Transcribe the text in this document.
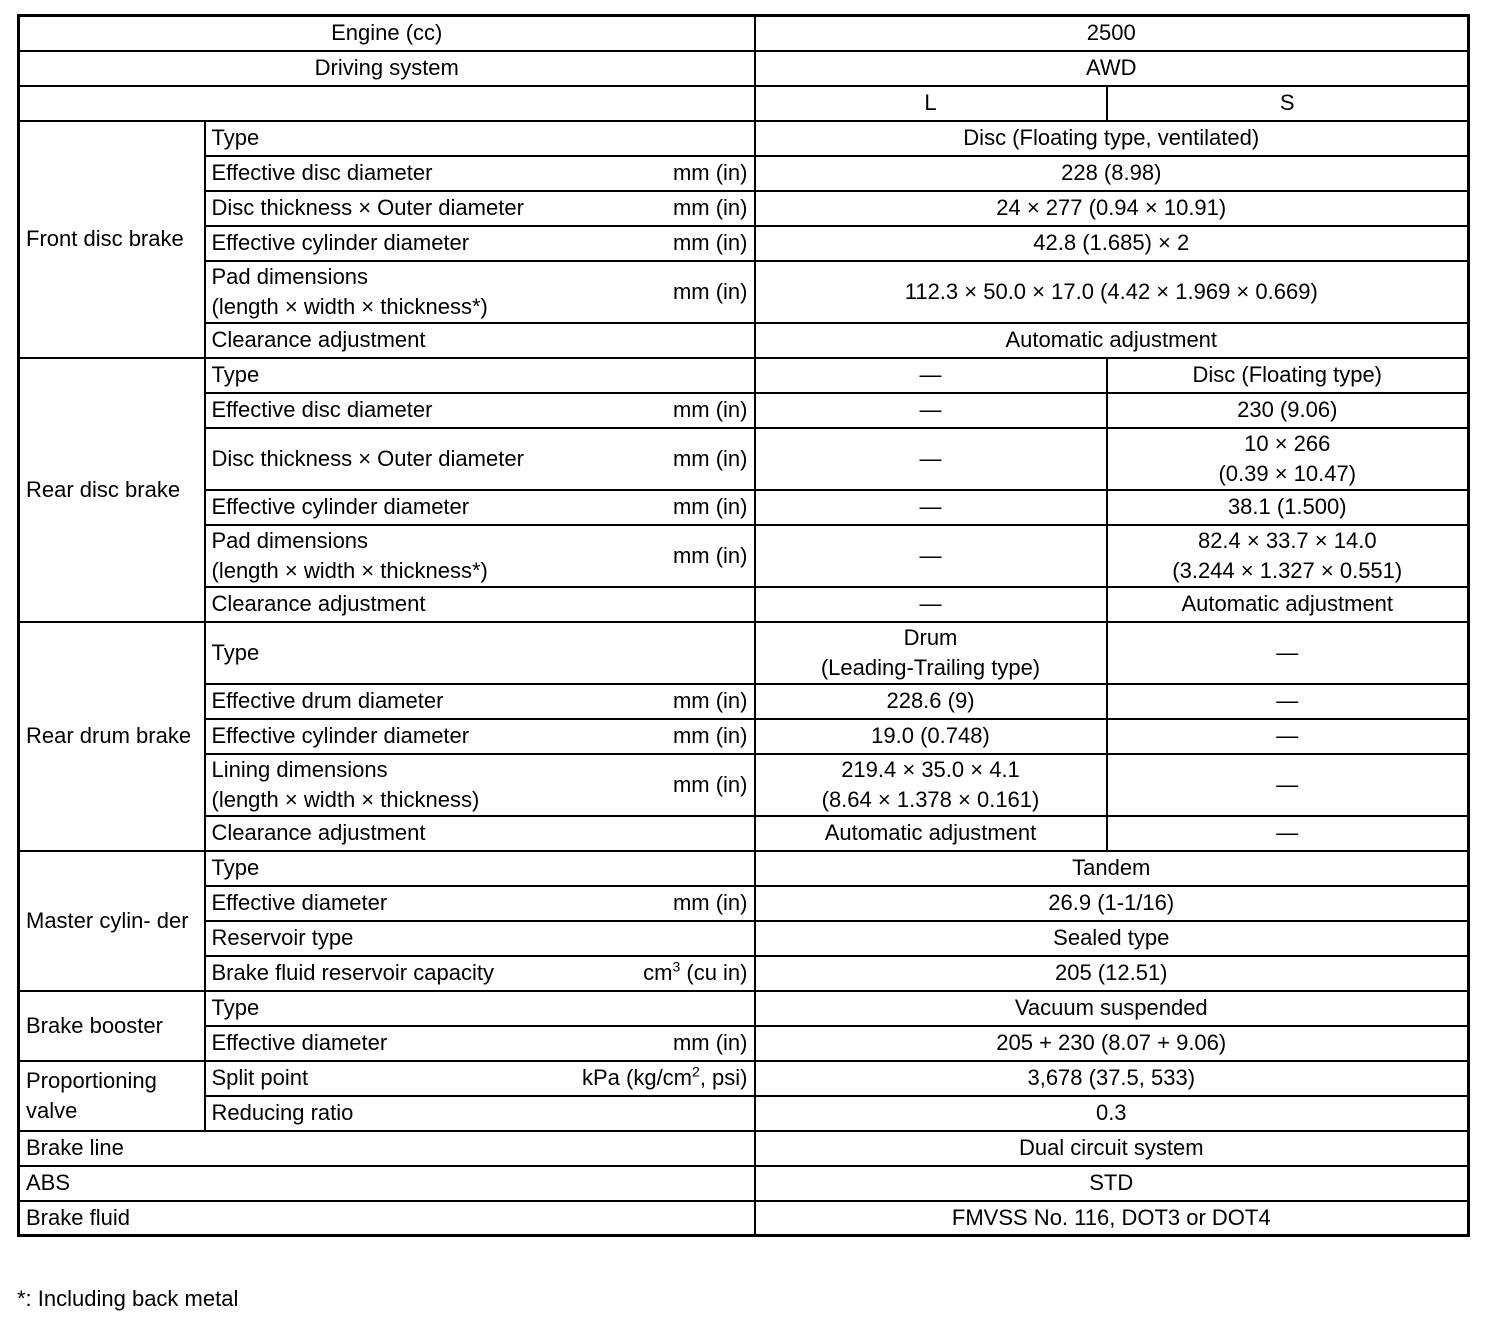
Engine (cc)		2500	
Driving system		AWD	
		L	S
Front disc brake	Type	Disc (Floating type, ventilated)	

	Effective disc diameter mm (in)	228 (8.98)	

	Disc thickness × Outer diameter mm (in)	24 × 277 (0.94 × 10.91)	

	Effective cylinder diameter mm (in)	42.8 (1.685) × 2	

	Pad dimensions
(length × width × thickness*)
mm (in)	112.3 × 50.0 × 17.0 (4.42 × 1.969 × 0.669)	
	Clearance adjustment	Automatic adjustment	
Rear disc brake	Type	—	Disc (Floating type)

	Effective disc diameter mm (in)	—	230 (9.06)

	Disc thickness × Outer diameter mm (in)	—	10 × 266
(0.39 × 10.47)

	Effective cylinder diameter mm (in)	—	38.1 (1.500)

	Pad dimensions
(length × width × thickness*)
mm (in)	—	82.4 × 33.7 × 14.0
(3.244 × 1.327 × 0.551)
	Clearance adjustment	—	Automatic adjustment
Rear drum brake	Type	Drum
(Leading-Trailing type)	—

	Effective drum diameter mm (in)	228.6 (9)	—

	Effective cylinder diameter mm (in)	19.0 (0.748)	—

	Lining dimensions
(length × width × thickness)
mm (in)	219.4 × 35.0 × 4.1
(8.64 × 1.378 × 0.161)	—
	Clearance adjustment	Automatic adjustment	—
Master cylin- der	Type	Tandem	

	Effective diameter mm (in)	26.9 (1-1/16)	
	Reservoir type	Sealed type	

	Brake fluid reservoir capacity $cm^3$ (cu in)	205 (12.51)	
Brake booster	Type	Vacuum suspended	

	Effective diameter mm (in)	205 + 230 (8.07 + 9.06)	
Proportioning valve	Split point kPa ($kg/cm^2$, psi)	3,678 (37.5, 533)	
	Reducing ratio	0.3	
Brake line		Dual circuit system	
ABS		STD	
Brake fluid		FMVSS No. 116, DOT3 or DOT4	
*: Including back metal
